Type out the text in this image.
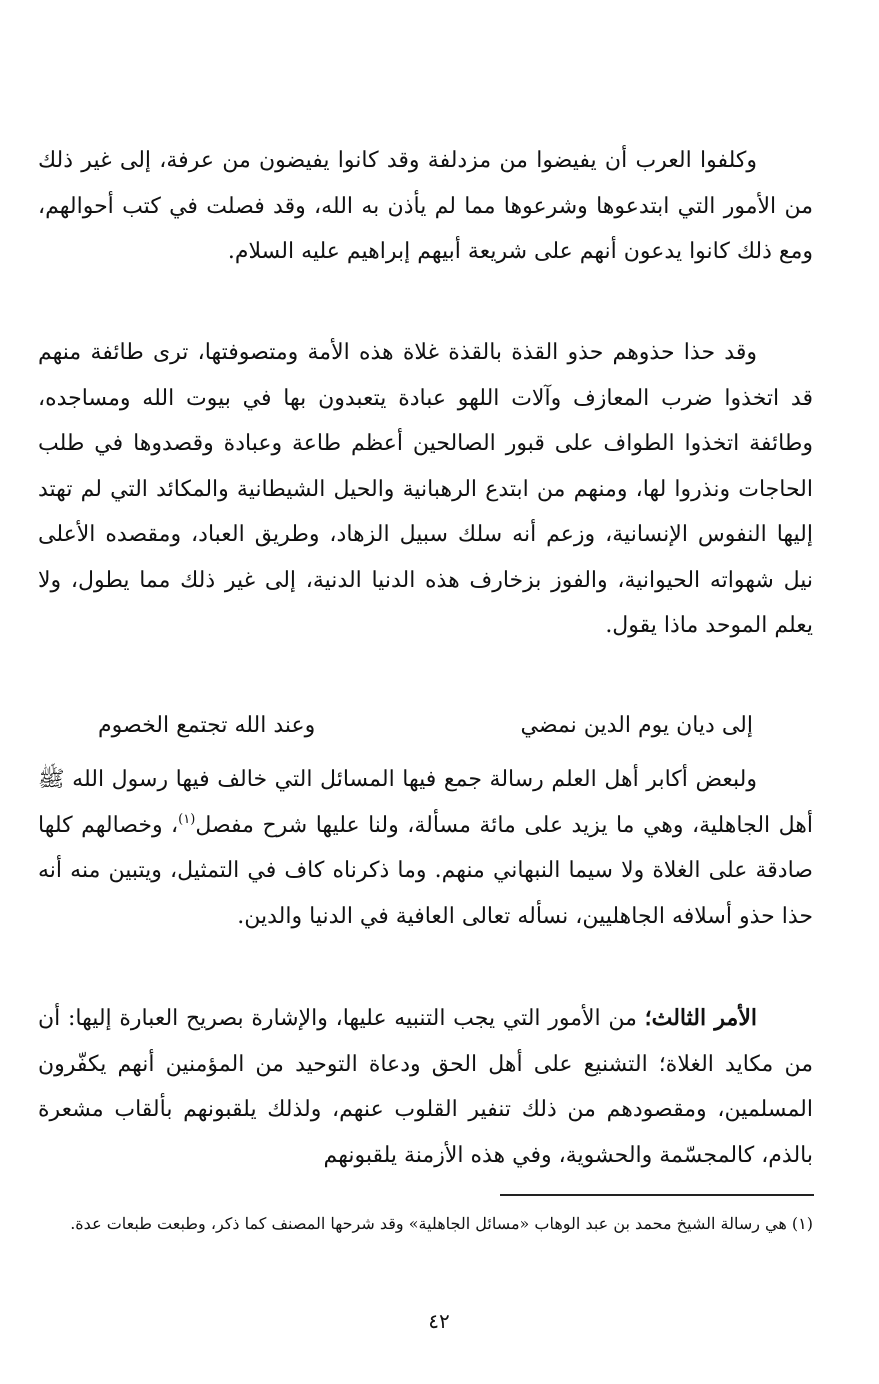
وكلفوا العرب أن يفيضوا من مزدلفة وقد كانوا يفيضون من عرفة، إلى غير ذلك من الأمور التي ابتدعوها وشرعوها مما لم يأذن به الله، وقد فصلت في كتب أحوالهم، ومع ذلك كانوا يدعون أنهم على شريعة أبيهم إبراهيم عليه السلام.

وقد حذا حذوهم حذو القذة بالقذة غلاة هذه الأمة ومتصوفتها، ترى طائفة منهم قد اتخذوا ضرب المعازف وآلات اللهو عبادة يتعبدون بها في بيوت الله ومساجده، وطائفة اتخذوا الطواف على قبور الصالحين أعظم طاعة وعبادة وقصدوها في طلب الحاجات ونذروا لها، ومنهم من ابتدع الرهبانية والحيل الشيطانية والمكائد التي لم تهتد إليها النفوس الإنسانية، وزعم أنه سلك سبيل الزهاد، وطريق العباد، ومقصده الأعلى نيل شهواته الحيوانية، والفوز بزخارف هذه الدنيا الدنية، إلى غير ذلك مما يطول، ولا يعلم الموحد ماذا يقول.

إلى ديان يوم الدين نمضي
وعند الله تجتمع الخصوم

ولبعض أكابر أهل العلم رسالة جمع فيها المسائل التي خالف فيها رسول الله ﷺ أهل الجاهلية، وهي ما يزيد على مائة مسألة، ولنا عليها شرح مفصل$^{(١)}$، وخصالهم كلها صادقة على الغلاة ولا سيما النبهاني منهم. وما ذكرناه كاف في التمثيل، ويتبين منه أنه حذا حذو أسلافه الجاهليين، نسأله تعالى العافية في الدنيا والدين.

الأمر الثالث؛ من الأمور التي يجب التنبيه عليها، والإشارة بصريح العبارة إليها: أن من مكايد الغلاة؛ التشنيع على أهل الحق ودعاة التوحيد من المؤمنين أنهم يكفّرون المسلمين، ومقصودهم من ذلك تنفير القلوب عنهم، ولذلك يلقبونهم بألقاب مشعرة بالذم، كالمجسّمة والحشوية، وفي هذه الأزمنة يلقبونهم

(١) هي رسالة الشيخ محمد بن عبد الوهاب «مسائل الجاهلية» وقد شرحها المصنف كما ذكر، وطبعت طبعات عدة.

٤٢
